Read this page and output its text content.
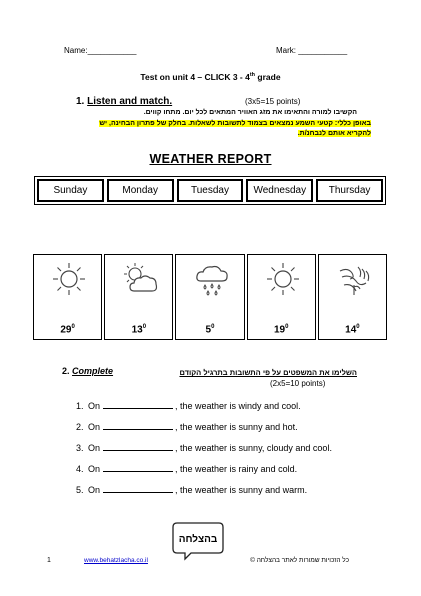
Name:___________	Mark: ___________
Test on unit 4 – CLICK 3 - 4th grade
1. Listen and match.	(3x5=15 points)
הקשיבו למורה והתאימו את מזג האוויר המתאים לכל יום. מתחו קווים.
באופן כללי: קטעי השמע נמצאים בצמוד לתשובות לשאלות. בחלק של פתרון הבחינה, יש
להקריא אותם לנבחנ/ת.
WEATHER REPORT
Sunday	Monday	Tuesday	Wednesday	Thursday
$29^0$	$13^0$	$5^0$	$19^0$	$14^0$
2. Complete	השלימו את המשפטים על פי התשובות בתרגיל הקודם
(2x5=10 points)
1. On	, the weather is windy and cool.
2. On	, the weather is sunny and hot.
3. On	, the weather is sunny, cloudy and cool.
4. On	, the weather is rainy and cold.
5. On	, the weather is sunny and warm.
בהצלחה
1	www.behatzlacha.co.il	כל הזכויות שמורות לאתר בהצלחה ©
